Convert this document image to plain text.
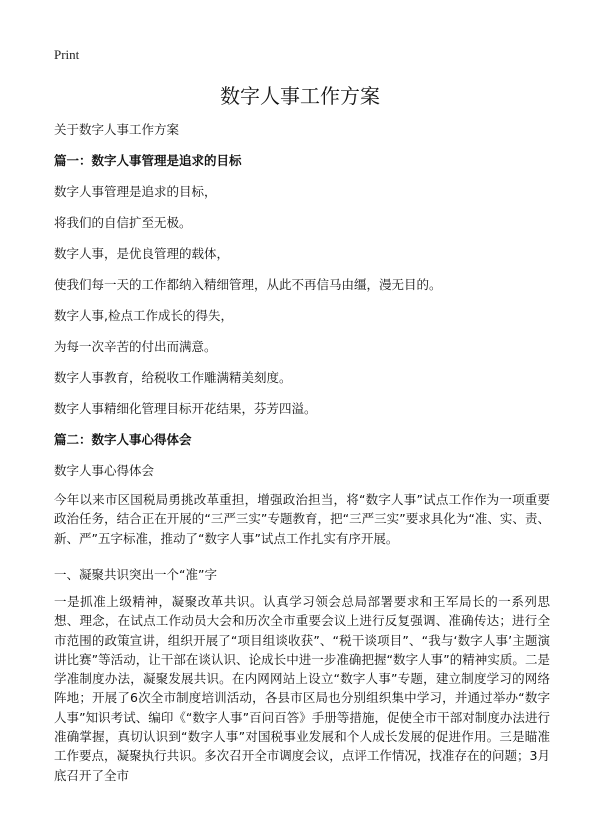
Print
数字人事工作方案
关于数字人事工作方案
篇一：数字人事管理是追求的目标
数字人事管理是追求的目标，
将我们的自信扩至无极。
数字人事，是优良管理的载体，
使我们每一天的工作都纳入精细管理，从此不再信马由缰，漫无目的。
数字人事,检点工作成长的得失，
为每一次辛苦的付出而满意。
数字人事教育，给税收工作雕满精美刻度。
数字人事精细化管理目标开花结果，芬芳四溢。
篇二：数字人事心得体会
数字人事心得体会

今年以来市区国税局勇挑改革重担，增强政治担当，将“数字人事”试点工作作为一项重要政治任务，结合正在开展的“三严三实”专题教育，把“三严三实”要求具化为“准、实、责、新、严”五字标准，推动了“数字人事”试点工作扎实有序开展。

一、凝聚共识突出一个“准”字

一是抓准上级精神，凝聚改革共识。认真学习领会总局部署要求和王军局长的一系列思想、理念，在试点工作动员大会和历次全市重要会议上进行反复强调、准确传达；进行全市范围的政策宣讲，组织开展了“项目组谈收获”、“税干谈项目”、“我与‘数字人事’主题演讲比赛”等活动，让干部在谈认识、论成长中进一步准确把握“数字人事”的精神实质。二是学准制度办法，凝聚发展共识。在内网网站上设立“数字人事”专题，建立制度学习的网络阵地；开展了6次全市制度培训活动，各县市区局也分别组织集中学习，并通过举办“数字人事”知识考试、编印《“数字人事”百问百答》手册等措施，促使全市干部对制度办法进行准确掌握，真切认识到“数字人事”对国税事业发展和个人成长发展的促进作用。三是瞄准工作要点，凝聚执行共识。多次召开全市调度会议，点评工作情况，找准存在的问题；3月底召开了全市
